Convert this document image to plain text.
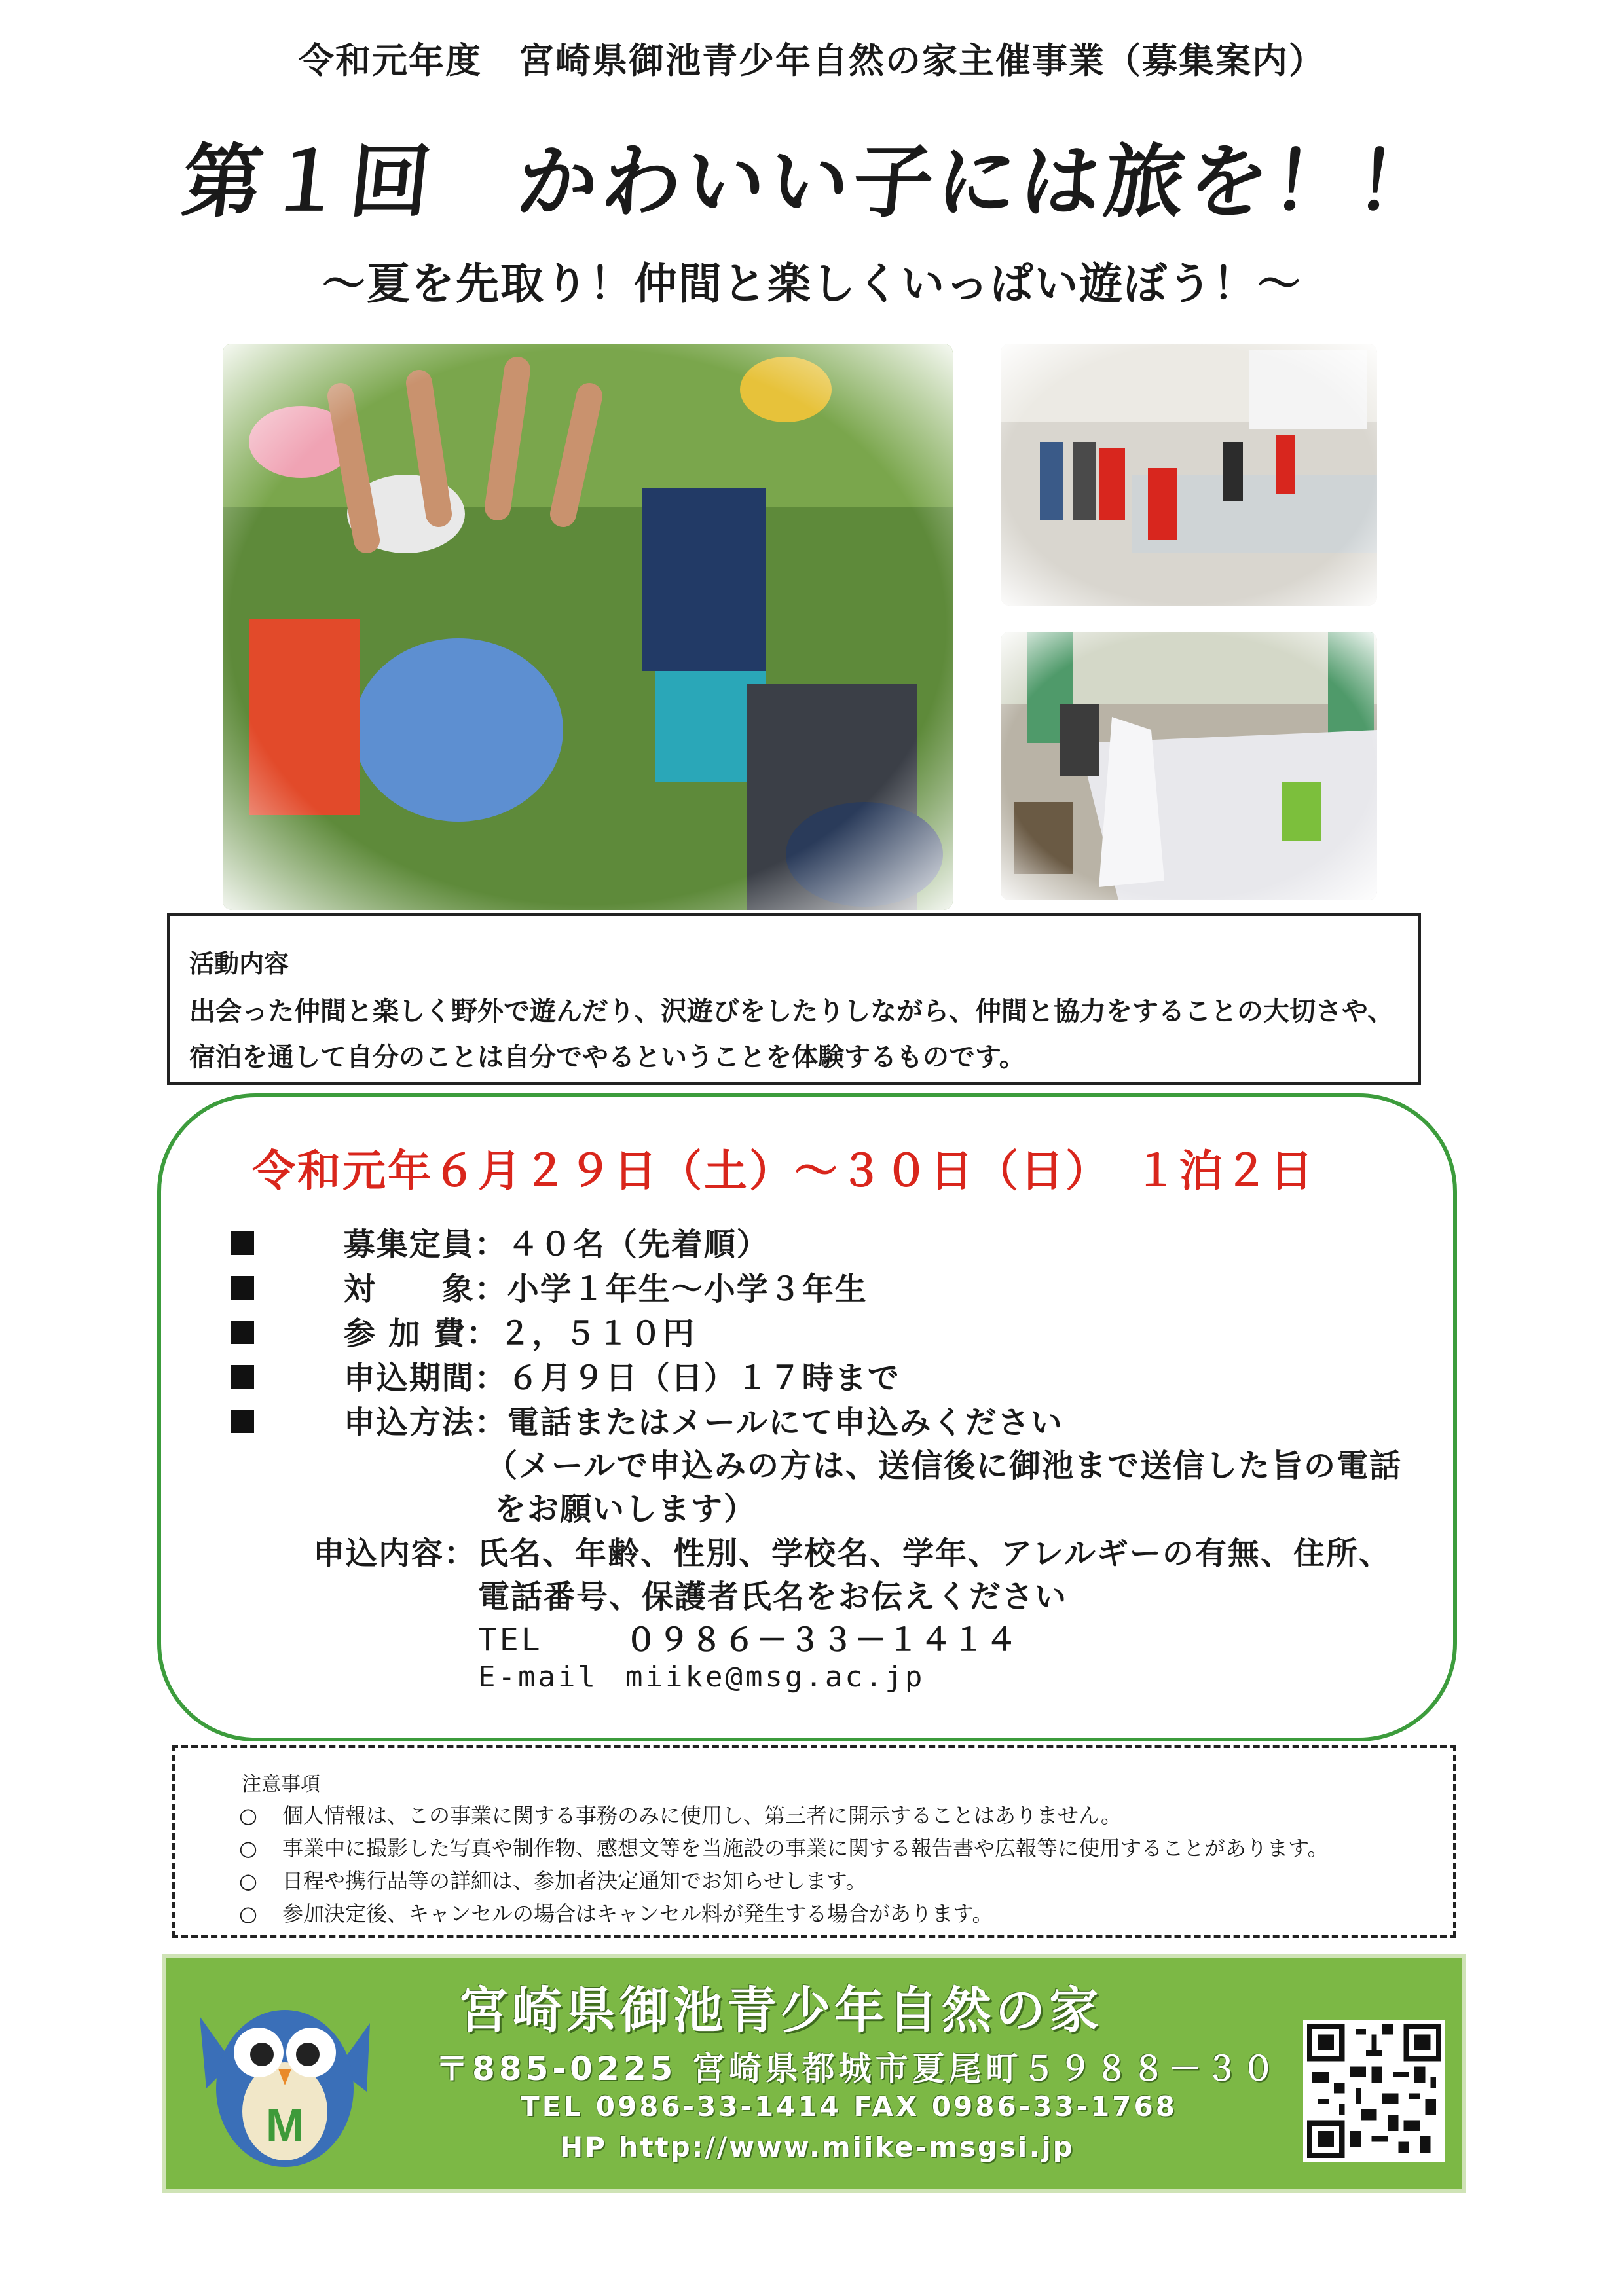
令和元年度　宮崎県御池青少年自然の家主催事業（募集案内）
第１回　かわいい子には旅を！！
～夏を先取り！仲間と楽しくいっぱい遊ぼう！～
活動内容
出会った仲間と楽しく野外で遊んだり、沢遊びをしたりしながら、仲間と協力をすることの大切さや、
宿泊を通して自分のことは自分でやるということを体験するものです。
令和元年６月２９日（土）～３０日（日）　１泊２日
募集定員：４０名（先着順）
対　　象：小学１年生～小学３年生
参 加 費：２，５１０円
申込期間：６月９日（日）１７時まで
申込方法：電話またはメールにて申込みください
（メールで申込みの方は、送信後に御池まで送信した旨の電話
をお願いします）
申込内容：氏名、年齢、性別、学校名、学年、アレルギーの有無、住所、
電話番号、保護者氏名をお伝えください
TEL	０９８６－３３－１４１４
E-mail miike@msg.ac.jp
注意事項
○ 個人情報は、この事業に関する事務のみに使用し、第三者に開示することはありません。
○ 事業中に撮影した写真や制作物、感想文等を当施設の事業に関する報告書や広報等に使用することがあります。
○ 日程や携行品等の詳細は、参加者決定通知でお知らせします。
○ 参加決定後、キャンセルの場合はキャンセル料が発生する場合があります。
M
宮崎県御池青少年自然の家
〒885-0225 宮崎県都城市夏尾町５９８８－３０
TEL 0986-33-1414 FAX 0986-33-1768
HP http://www.miike-msgsi.jp
